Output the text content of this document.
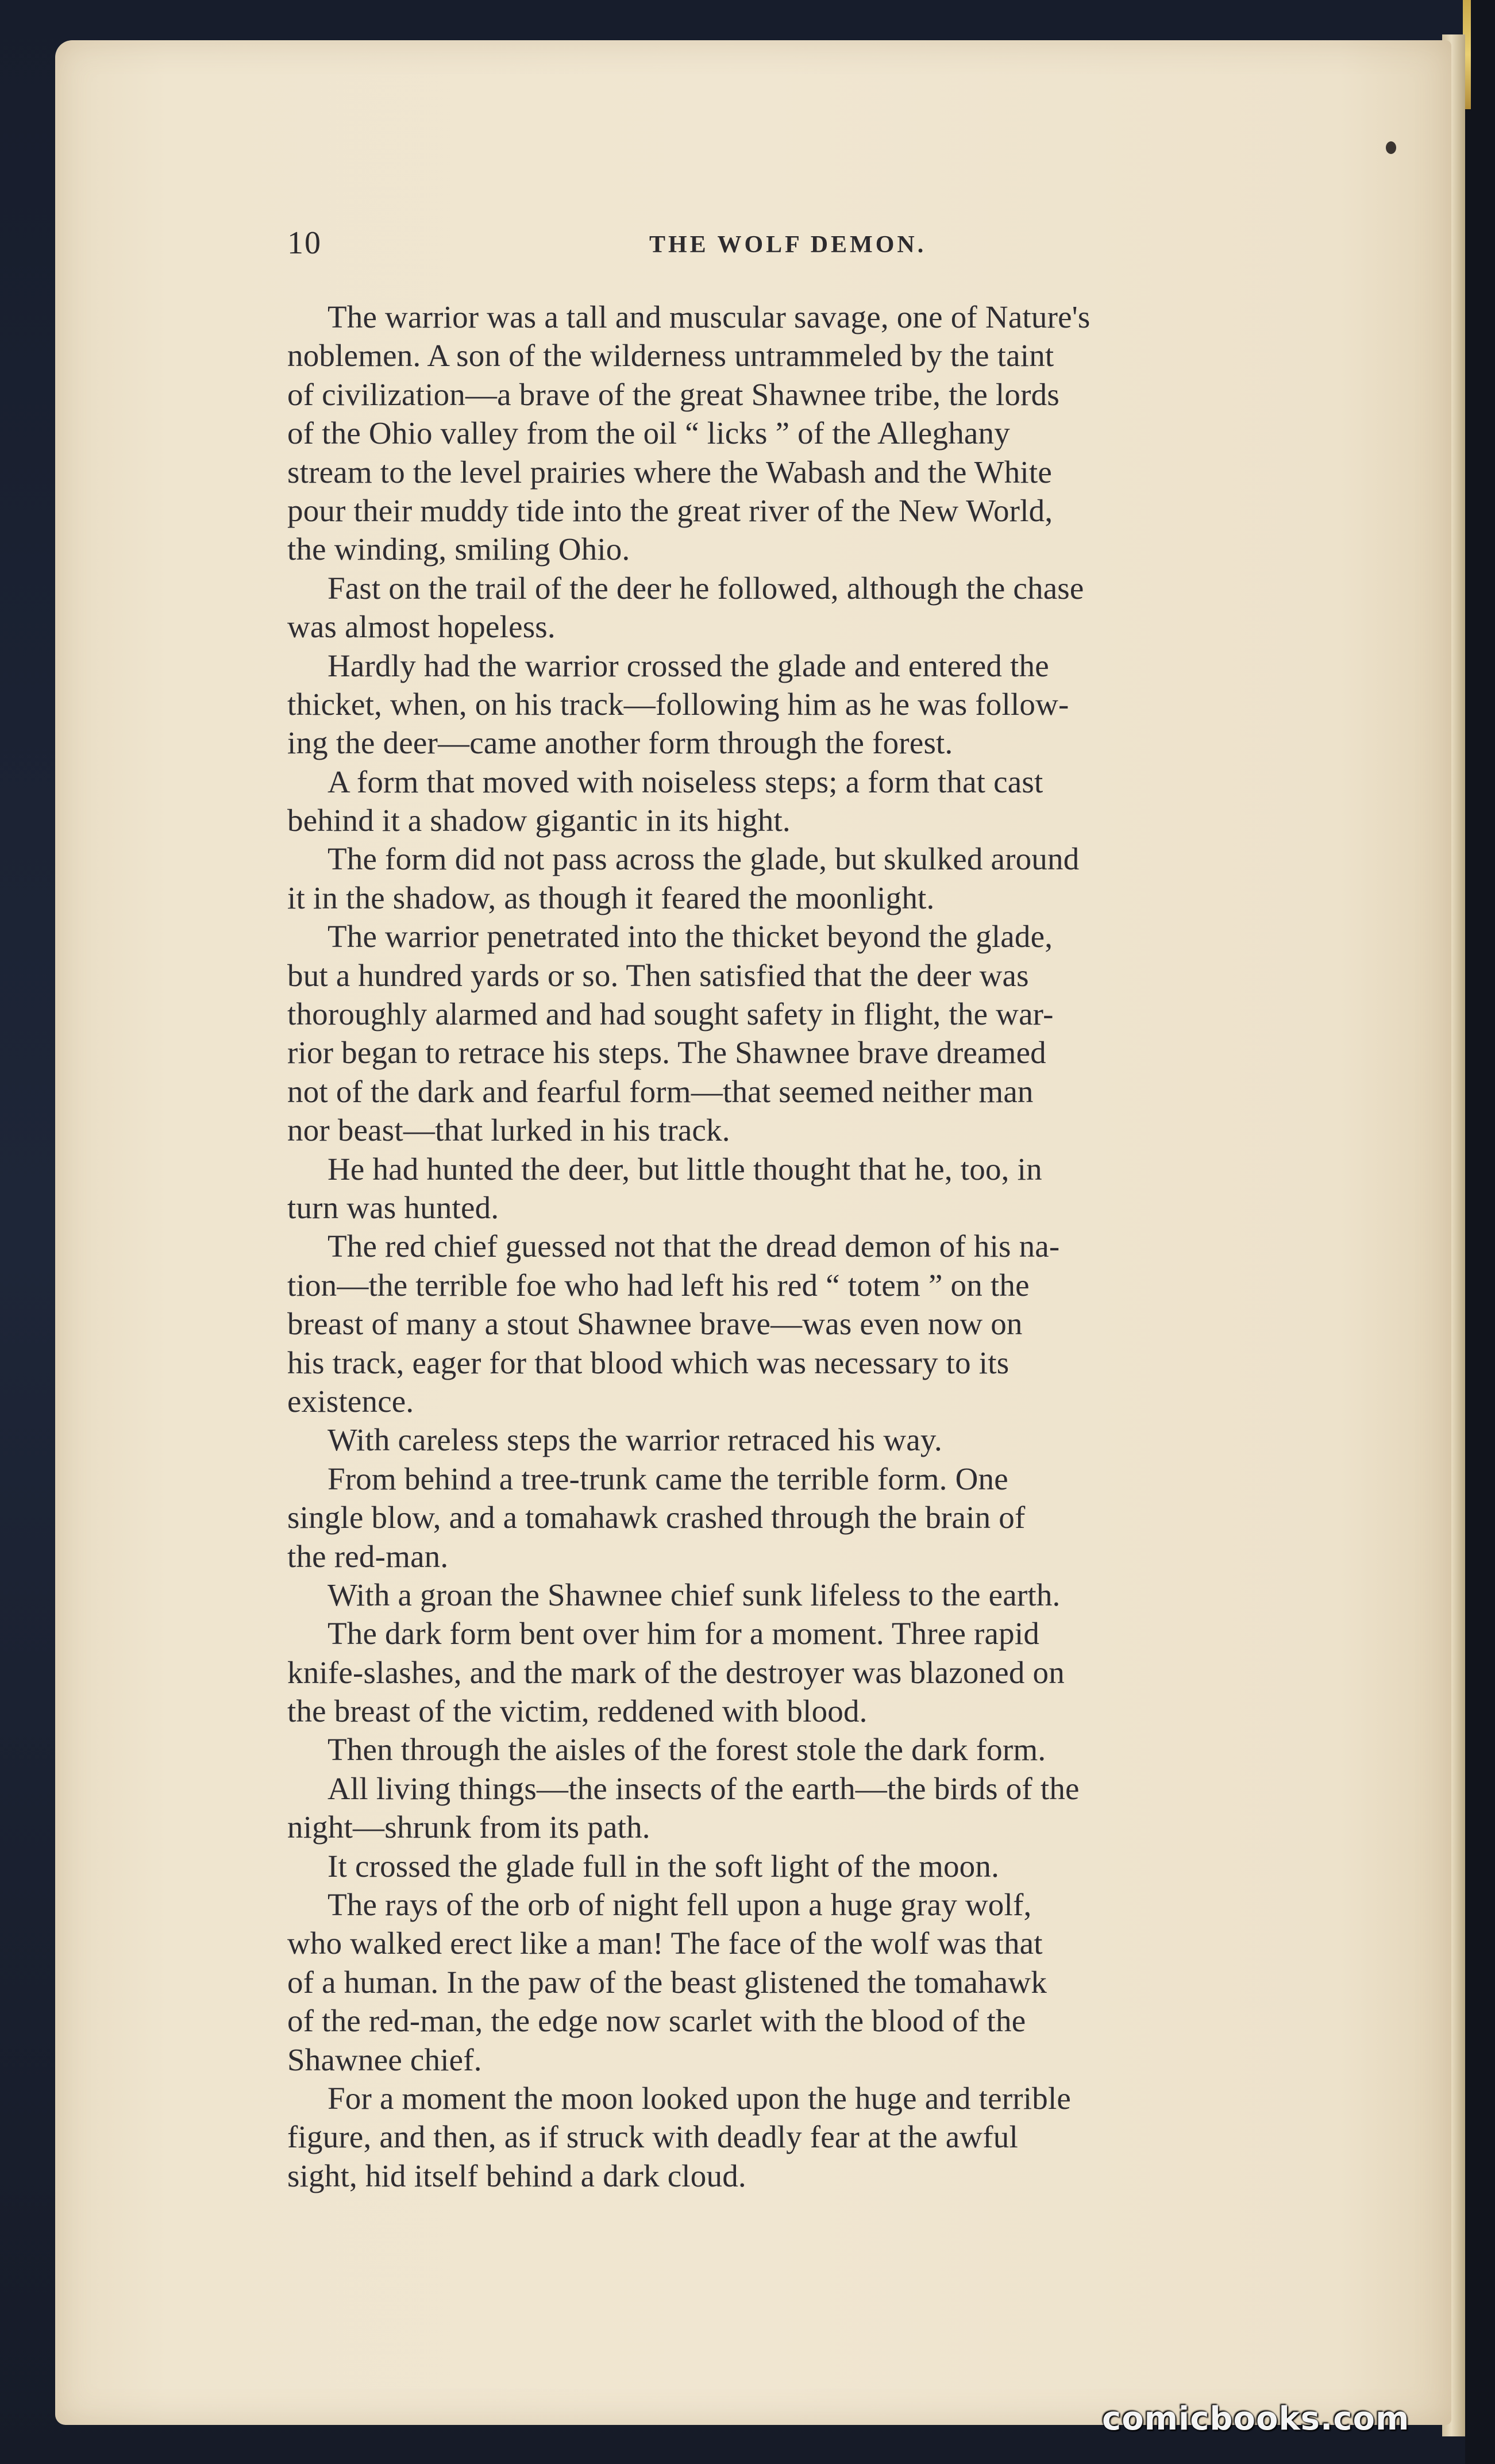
10	THE WOLF DEMON.
The warrior was a tall and muscular savage, one of Nature's
noblemen. A son of the wilderness untrammeled by the taint
of civilization—a brave of the great Shawnee tribe, the lords
of the Ohio valley from the oil “ licks ” of the Alleghany
stream to the level prairies where the Wabash and the White
pour their muddy tide into the great river of the New World,
the winding, smiling Ohio.
Fast on the trail of the deer he followed, although the chase
was almost hopeless.
Hardly had the warrior crossed the glade and entered the
thicket, when, on his track—following him as he was follow-
ing the deer—came another form through the forest.
A form that moved with noiseless steps; a form that cast
behind it a shadow gigantic in its hight.
The form did not pass across the glade, but skulked around
it in the shadow, as though it feared the moonlight.
The warrior penetrated into the thicket beyond the glade,
but a hundred yards or so. Then satisfied that the deer was
thoroughly alarmed and had sought safety in flight, the war-
rior began to retrace his steps. The Shawnee brave dreamed
not of the dark and fearful form—that seemed neither man
nor beast—that lurked in his track.
He had hunted the deer, but little thought that he, too, in
turn was hunted.
The red chief guessed not that the dread demon of his na-
tion—the terrible foe who had left his red “ totem ” on the
breast of many a stout Shawnee brave—was even now on
his track, eager for that blood which was necessary to its
existence.
With careless steps the warrior retraced his way.
From behind a tree-trunk came the terrible form. One
single blow, and a tomahawk crashed through the brain of
the red-man.
With a groan the Shawnee chief sunk lifeless to the earth.
The dark form bent over him for a moment. Three rapid
knife-slashes, and the mark of the destroyer was blazoned on
the breast of the victim, reddened with blood.
Then through the aisles of the forest stole the dark form.
All living things—the insects of the earth—the birds of the
night—shrunk from its path.
It crossed the glade full in the soft light of the moon.
The rays of the orb of night fell upon a huge gray wolf,
who walked erect like a man! The face of the wolf was that
of a human. In the paw of the beast glistened the tomahawk
of the red-man, the edge now scarlet with the blood of the
Shawnee chief.
For a moment the moon looked upon the huge and terrible
figure, and then, as if struck with deadly fear at the awful
sight, hid itself behind a dark cloud.
comicbooks.com
